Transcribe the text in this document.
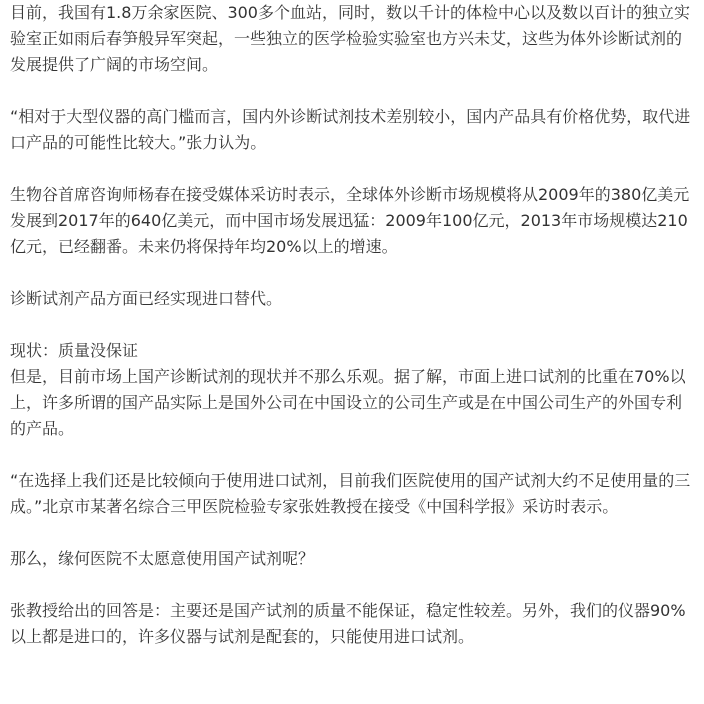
目前，我国有1.8万余家医院、300多个血站，同时，数以千计的体检中心以及数以百计的独立实验室正如雨后春笋般异军突起，一些独立的医学检验实验室也方兴未艾，这些为体外诊断试剂的发展提供了广阔的市场空间。

“相对于大型仪器的高门槛而言，国内外诊断试剂技术差别较小，国内产品具有价格优势，取代进口产品的可能性比较大。”张力认为。

生物谷首席咨询师杨春在接受媒体采访时表示，全球体外诊断市场规模将从2009年的380亿美元发展到2017年的640亿美元，而中国市场发展迅猛：2009年100亿元，2013年市场规模达210亿元，已经翻番。未来仍将保持年均20%以上的增速。

诊断试剂产品方面已经实现进口替代。

现状：质量没保证

但是，目前市场上国产诊断试剂的现状并不那么乐观。据了解，市面上进口试剂的比重在70%以上，许多所谓的国产品实际上是国外公司在中国设立的公司生产或是在中国公司生产的外国专利的产品。

“在选择上我们还是比较倾向于使用进口试剂，目前我们医院使用的国产试剂大约不足使用量的三成。”北京市某著名综合三甲医院检验专家张姓教授在接受《中国科学报》采访时表示。

那么，缘何医院不太愿意使用国产试剂呢？

张教授给出的回答是：主要还是国产试剂的质量不能保证，稳定性较差。另外，我们的仪器90%以上都是进口的，许多仪器与试剂是配套的，只能使用进口试剂。
